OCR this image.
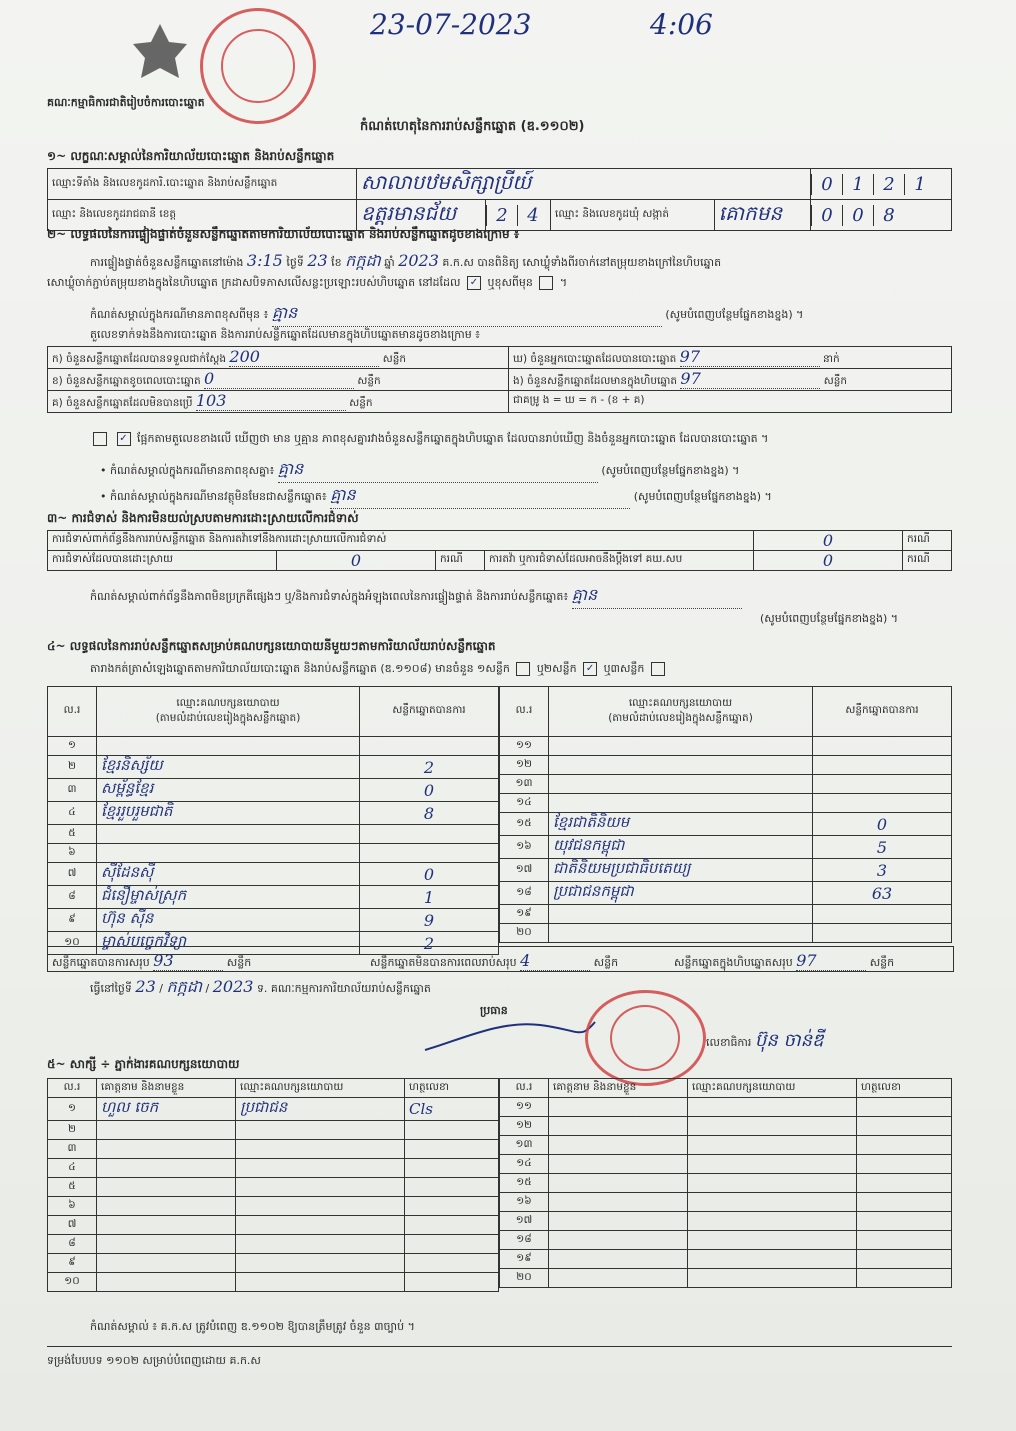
23-07-2023	4:06
គណៈកម្មាធិការជាតិរៀបចំការបោះឆ្នោត
កំណត់ហេតុនៃការរាប់សន្លឹកឆ្នោត (ឌ.១១០២)
១~ លក្ខណៈសម្គាល់នៃការិយាល័យបោះឆ្នោត និងរាប់សន្លឹកឆ្នោត
ឈ្មោះទីតាំង និងលេខកូដការិ.បោះឆ្នោត និងរាប់សន្លឹកឆ្នោត	សាលាបឋមសិក្សាប្រីយ៍				0 1 2 1
ឈ្មោះ និងលេខកូដរាជធានី ខេត្ត	ឧត្តរមានជ័យ	2 4	ឈ្មោះ និងលេខកូដឃុំ សង្កាត់	គោកមន	0 0 8
២~ លទ្ធផលនៃការផ្ទៀងផ្ទាត់ចំនួនសន្លឹកឆ្នោតតាមការិយាល័យបោះឆ្នោត និងរាប់សន្លឹកឆ្នោតដូចខាងក្រោម ៖
ការផ្ទៀងផ្ទាត់ចំនួនសន្លឹកឆ្នោតនៅម៉ោង 3:15 ថ្ងៃទី 23 ខែ កក្កដា ឆ្នាំ 2023 គ.ក.ស បានពិនិត្យ សោឃ្លុំទាំងពីរចាក់នៅតម្រុយខាងក្រៅនៃហិបឆ្នោត
សោឃ្លុំចាក់ភ្ជាប់តម្រុយខាងក្នុងនៃហិបឆ្នោត ក្រដាសបិទភាសលើសន្លះប្រឡោះរបស់ហិបឆ្នោត នៅដដែល ✓ ឬខុសពីមុន ។
កំណត់សម្គាល់ក្នុងករណីមានភាពខុសពីមុន ៖ គ្មាន	(សូមបំពេញបន្ថែមផ្នែកខាងខ្នង) ។
តួលេខទាក់ទងនឹងការបោះឆ្នោត និងការរាប់សន្លឹកឆ្នោតដែលមានក្នុងហិបឆ្នោតមានដូចខាងក្រោម ៖
ក) ចំនួនសន្លឹកឆ្នោតដែលបានទទួលជាក់ស្តែង 200 សន្លឹក	ឃ) ចំនួនអ្នកបោះឆ្នោតដែលបានបោះឆ្នោត 97 នាក់
ខ) ចំនួនសន្លឹកឆ្នោតខូចពេលបោះឆ្នោត 0 សន្លឹក	ង) ចំនួនសន្លឹកឆ្នោតដែលមានក្នុងហិបឆ្នោត 97 សន្លឹក
គ) ចំនួនសន្លឹកឆ្នោតដែលមិនបានប្រើ 103 សន្លឹក	ជាគម្រូ ង = ឃ = ក - (ខ + គ)
✓ ផ្អែកតាមតួលេខខាងលើ ឃើញថា មាន ឬគ្មាន ភាពខុសគ្នារវាងចំនួនសន្លឹកឆ្នោតក្នុងហិបឆ្នោត ដែលបានរាប់ឃើញ និងចំនួនអ្នកបោះឆ្នោត ដែលបានបោះឆ្នោត ។
• កំណត់សម្គាល់ក្នុងករណីមានភាពខុសគ្នា៖ គ្មាន	(សូមបំពេញបន្ថែមផ្នែកខាងខ្នង) ។
• កំណត់សម្គាល់ក្នុងករណីមានវត្ថុមិនមែនជាសន្លឹកឆ្នោត៖ គ្មាន	(សូមបំពេញបន្ថែមផ្នែកខាងខ្នង) ។
៣~ ការជំទាស់ និងការមិនយល់ស្របតាមការដោះស្រាយលើការជំទាស់
ការជំទាស់ពាក់ព័ន្ធនឹងការរាប់សន្លឹកឆ្នោត និងការតវ៉ាទៅនឹងការដោះស្រាយលើការជំទាស់				0	ករណី
ការជំទាស់ដែលបានដោះស្រាយ	0	ករណី	ការតវ៉ា ឬការជំទាស់ដែលអាចនឹងប្តឹងទៅ គឃ.សប	0	ករណី
កំណត់សម្គាល់ពាក់ព័ន្ធនឹងភាពមិនប្រក្រតីផ្សេងៗ ឬ/និងការជំទាស់ក្នុងអំឡុងពេលនៃការផ្ទៀងផ្ទាត់ និងការរាប់សន្លឹកឆ្នោត៖ គ្មាន
(សូមបំពេញបន្ថែមផ្នែកខាងខ្នង) ។
៤~ លទ្ធផលនៃការរាប់សន្លឹកឆ្នោតសម្រាប់គណបក្សនយោបាយនីមួយៗតាមការិយាល័យរាប់សន្លឹកឆ្នោត
តារាងកត់ត្រាសំឡេងឆ្នោតតាមការិយាល័យបោះឆ្នោត និងរាប់សន្លឹកឆ្នោត (ឌ.១១០៨) មានចំនួន ១សន្លឹក ឬ២សន្លឹក ✓ ឬ៣សន្លឹក
ល.រ	ឈ្មោះគណបក្សនយោបាយ
(តាមលំដាប់លេខរៀងក្នុងសន្លឹកឆ្នោត)	សន្លឹកឆ្នោតបានការ
១		
២	ខ្មែរនិស្ស័យ	2
៣	សម្ព័ន្ធខ្មែរ	0
៤	ខ្មែររួបរួមជាតិ	8
៥		
៦		
៧	ស៊ីដែនស៊ី	0
៨	ជំនឿម្ចាស់ស្រុក	1
៩	ហ៊ុន ស៊ីន	9
១០	ម្ចាស់បច្ចេកវិទ្យា	2
ល.រ	ឈ្មោះគណបក្សនយោបាយ
(តាមលំដាប់លេខរៀងក្នុងសន្លឹកឆ្នោត)	សន្លឹកឆ្នោតបានការ
១១		
១២		
១៣		
១៤		
១៥	ខ្មែរជាតិនិយម	0
១៦	យុវជនកម្ពុជា	5
១៧	ជាតិនិយមប្រជាធិបតេយ្យ	3
១៨	ប្រជាជនកម្ពុជា	63
១៩		
២០		
សន្លឹកឆ្នោតបានការសរុប 93	សន្លឹក	សន្លឹកឆ្នោតមិនបានការពេលរាប់សរុប 4	សន្លឹក	សន្លឹកឆ្នោតក្នុងហិបឆ្នោតសរុប 97	សន្លឹក
ធ្វើនៅថ្ងៃទី 23 / កក្កដា / 2023 ទ. គណៈកម្មការការិយាល័យរាប់សន្លឹកឆ្នោត
ប្រធាន
លេខាធិការ ប៊ុន ចាន់ឌី
៥~ សាក្សី ÷ ភ្នាក់ងារគណបក្សនយោបាយ
ល.រ	គោត្តនាម និងនាមខ្លួន	ឈ្មោះគណបក្សនយោបាយ	ហត្ថលេខា
១	ហួល ចេក	ប្រជាជន	Cls
២			
៣			
៤			
៥			
៦			
៧			
៨			
៩			
១០			
ល.រ	គោត្តនាម និងនាមខ្លួន	ឈ្មោះគណបក្សនយោបាយ	ហត្ថលេខា
១១			
១២			
១៣			
១៤			
១៥			
១៦			
១៧			
១៨			
១៩			
២០			
កំណត់សម្គាល់ ៖ គ.ក.ស ត្រូវបំពេញ ឌ.១១០២ ឱ្យបានត្រឹមត្រូវ ចំនួន ៣ច្បាប់ ។
ទម្រង់បែបបទ ១១០២ សម្រាប់បំពេញដោយ គ.ក.ស
